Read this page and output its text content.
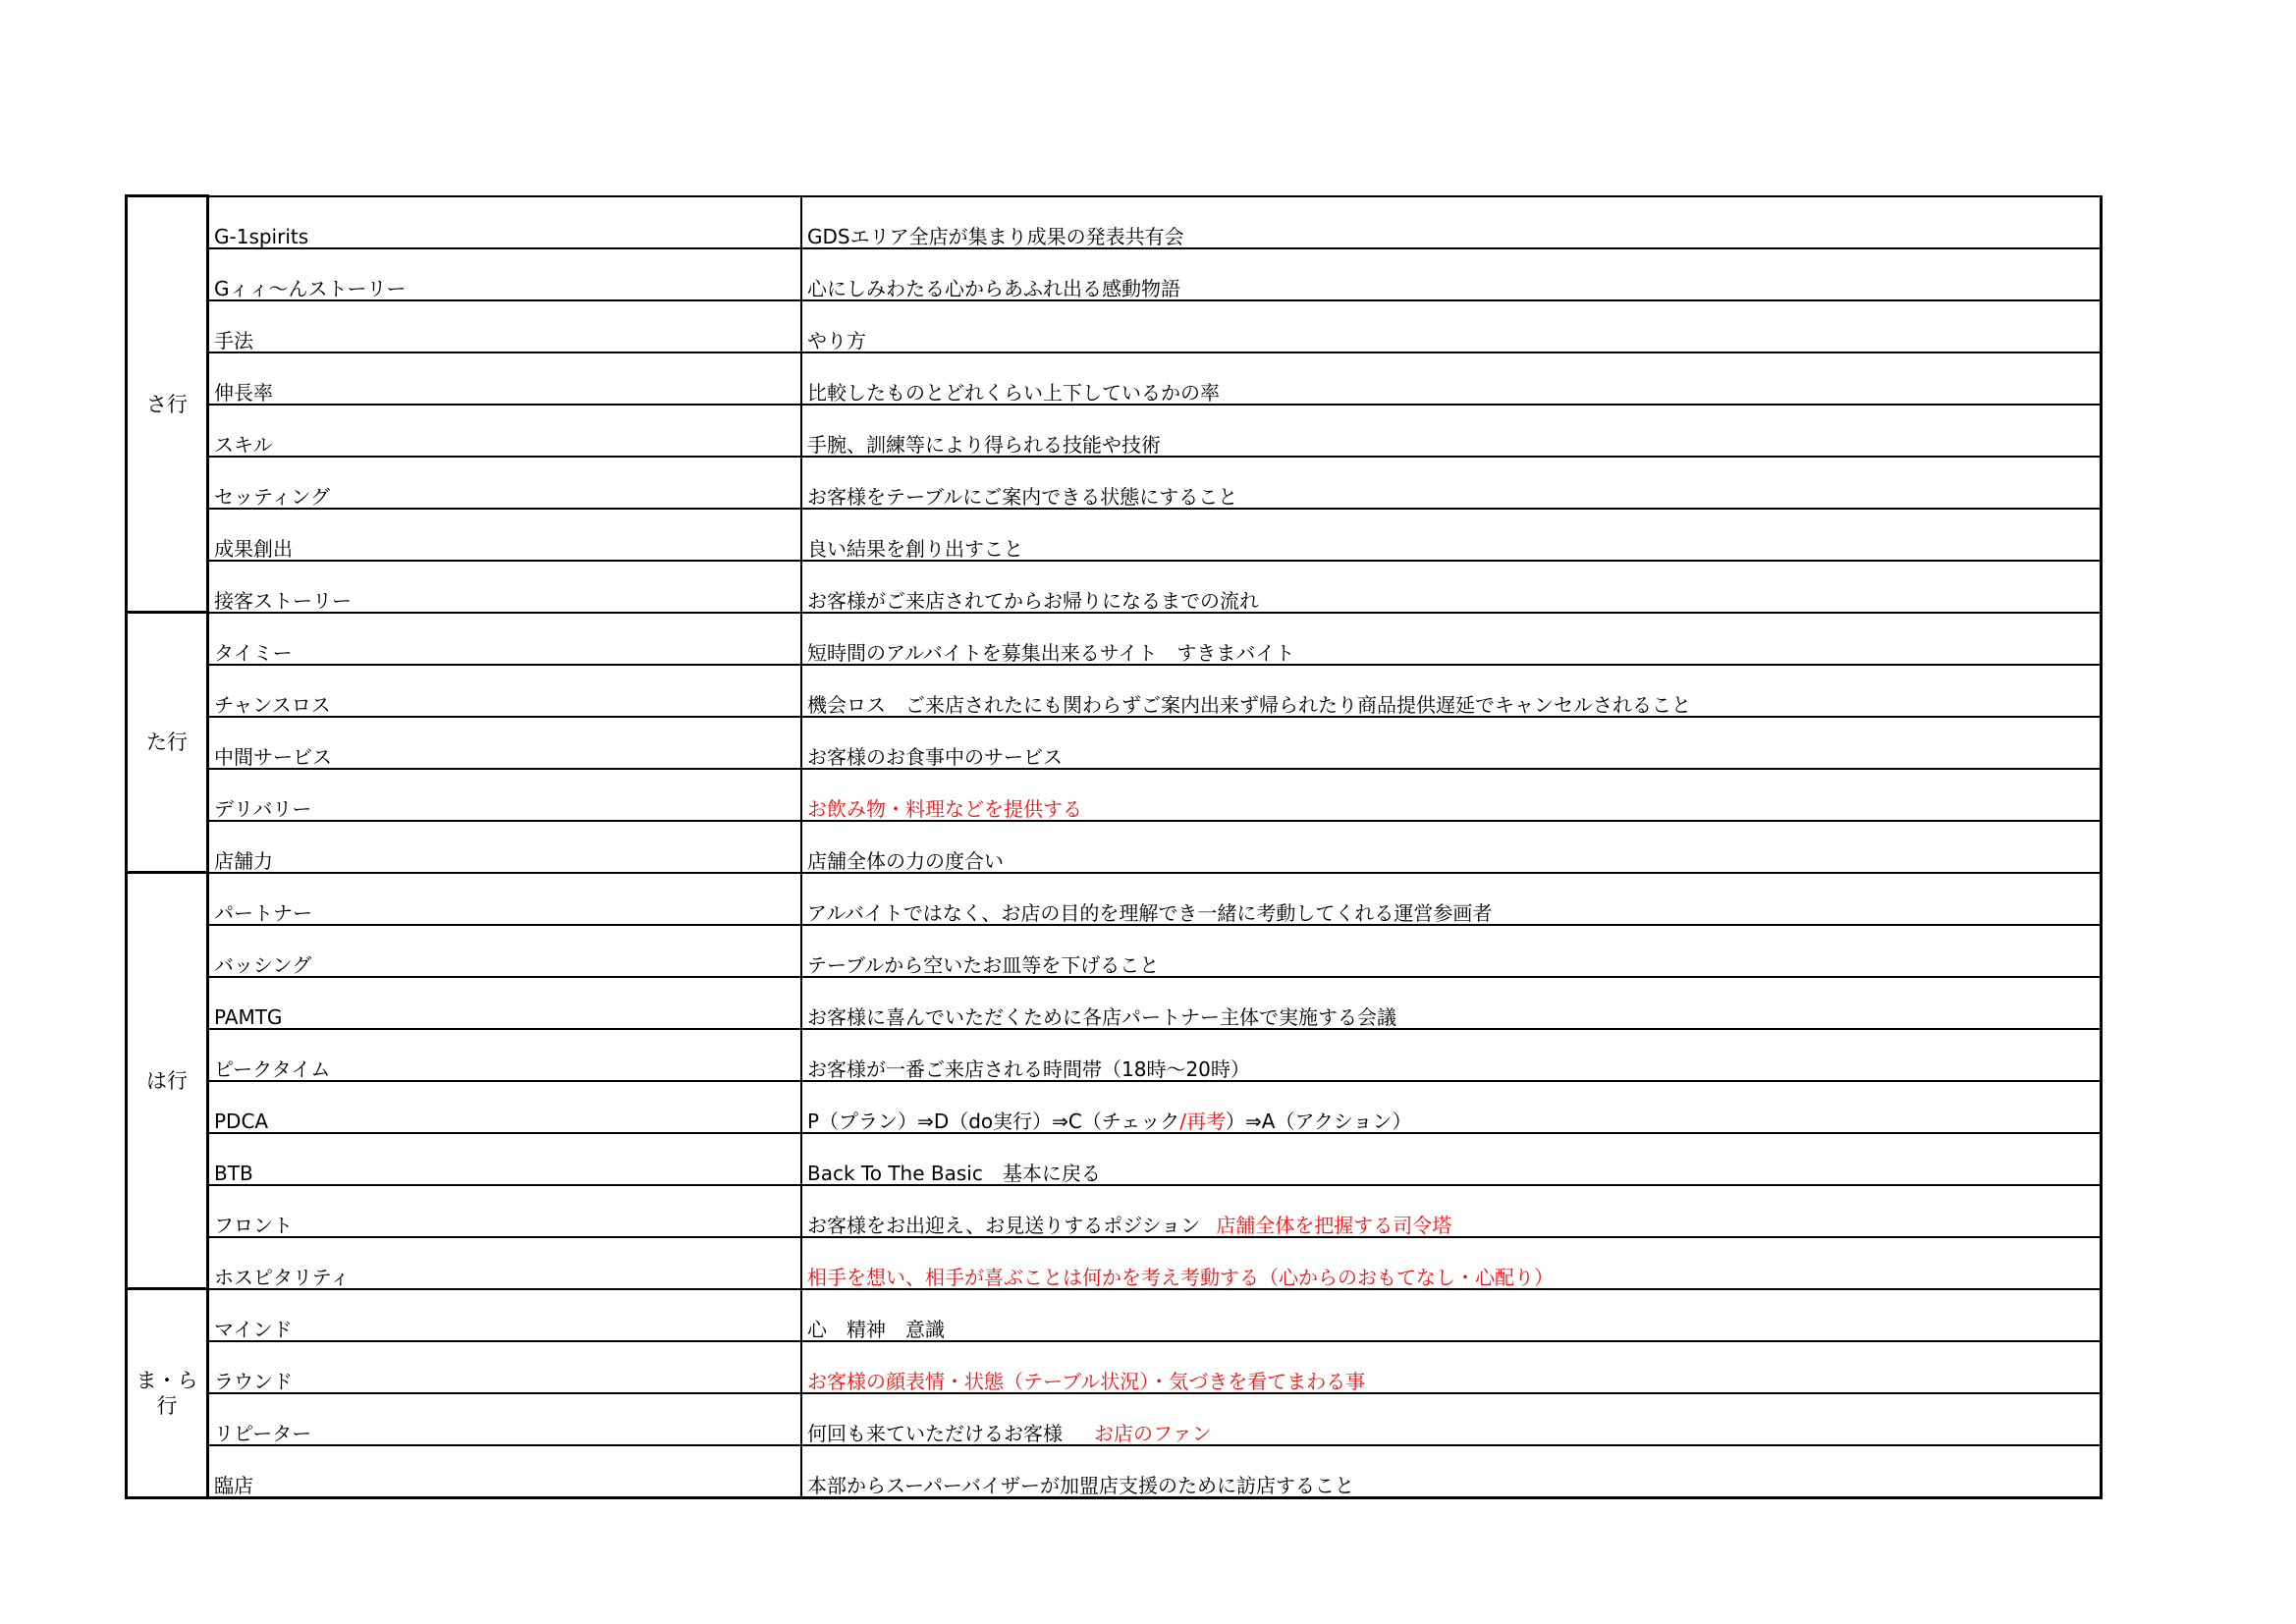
さ行	G-1spirits	GDSエリア全店が集まり成果の発表共有会
	Gィィ〜んストーリー	心にしみわたる心からあふれ出る感動物語
	手法	やり方
	伸長率	比較したものとどれくらい上下しているかの率
	スキル	手腕、訓練等により得られる技能や技術
	セッティング	お客様をテーブルにご案内できる状態にすること
	成果創出	良い結果を創り出すこと
	接客ストーリー	お客様がご来店されてからお帰りになるまでの流れ
た行	タイミー	短時間のアルバイトを募集出来るサイト　すきまバイト
	チャンスロス	機会ロス　ご来店されたにも関わらずご案内出来ず帰られたり商品提供遅延でキャンセルされること
	中間サービス	お客様のお食事中のサービス
	デリバリー	お飲み物・料理などを提供する
	店舗力	店舗全体の力の度合い
は行	パートナー	アルバイトではなく、お店の目的を理解でき一緒に考動してくれる運営参画者
	バッシング	テーブルから空いたお皿等を下げること
	PAMTG	お客様に喜んでいただくために各店パートナー主体で実施する会議
	ピークタイム	お客様が一番ご来店される時間帯（18時〜20時）
	PDCA	P（プラン）⇒D（do実行）⇒C（チェック/再考）⇒A（アクション）
	BTB	Back To The Basic　基本に戻る
	フロント	お客様をお出迎え、お見送りするポジション 店舗全体を把握する司令塔
	ホスピタリティ	相手を想い、相手が喜ぶことは何かを考え考動する（心からのおもてなし・心配り）
ま・ら行	マインド	心　精神　意識
	ラウンド	お客様の顔表情・状態（テーブル状況）・気づきを看てまわる事
	リピーター	何回も来ていただけるお客様 お店のファン
	臨店	本部からスーパーバイザーが加盟店支援のために訪店すること
